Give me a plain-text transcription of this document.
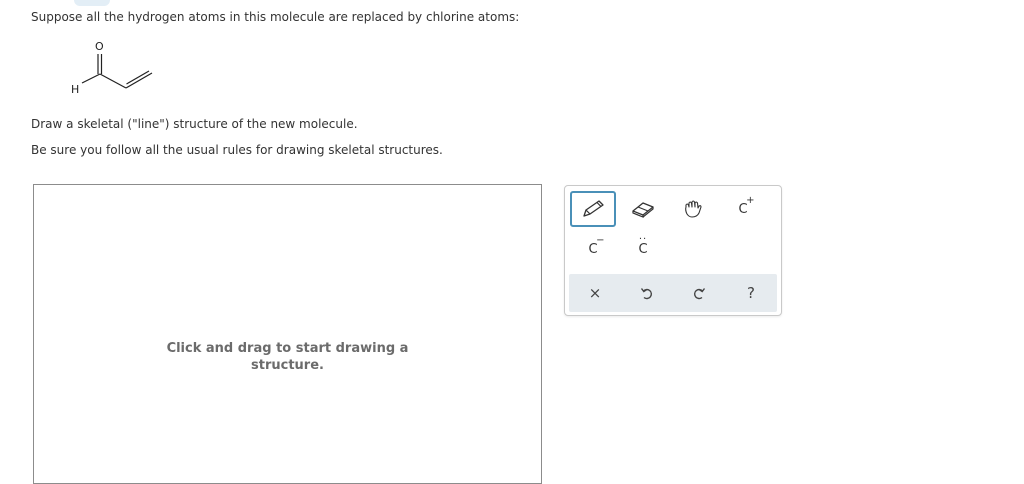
Suppose all the hydrogen atoms in this molecule are replaced by chlorine atoms:
O
H
Draw a skeletal ("line") structure of the new molecule.
Be sure you follow all the usual rules for drawing skeletal structures.
Click and drag to start drawing a
structure.
C
+
C
−	··
C
×	?
